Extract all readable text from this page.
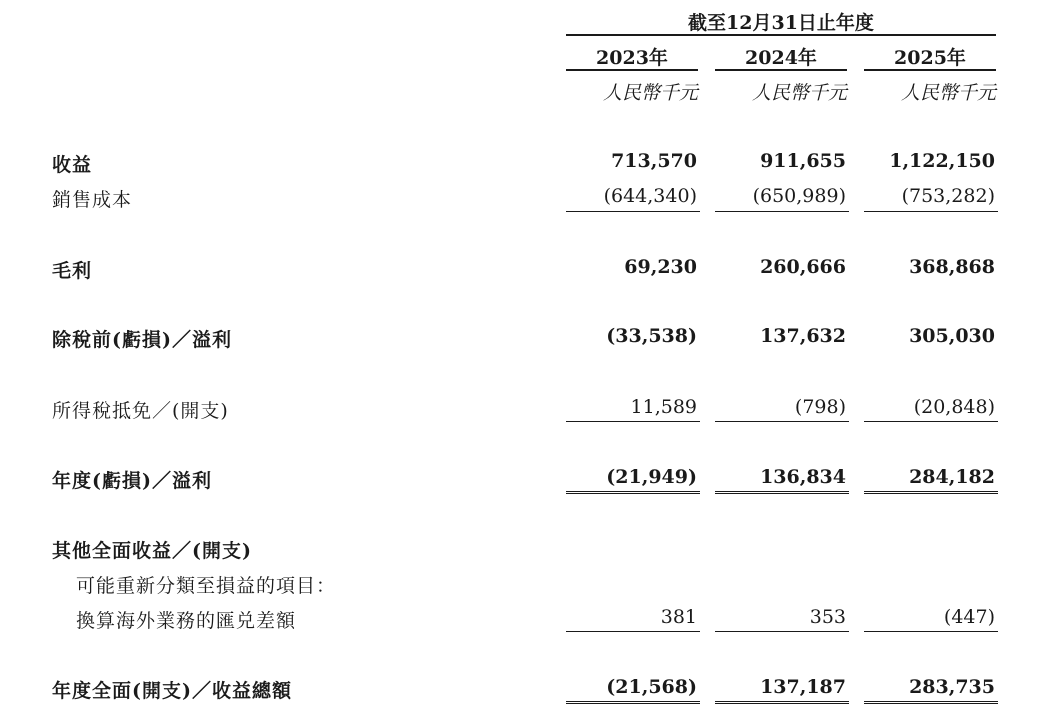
截至12月31日止年度
2023年	2024年	2025年
人民幣千元	人民幣千元	人民幣千元
收益	713,570	911,655	1,122,150
銷售成本	(644,340)	(650,989)	(753,282)
毛利	69,230	260,666	368,868
除稅前(虧損)／溢利	(33,538)	137,632	305,030
所得稅抵免／(開支)	11,589	(798)	(20,848)
年度(虧損)／溢利	(21,949)	136,834	284,182
其他全面收益／(開支)
可能重新分類至損益的項目：
換算海外業務的匯兑差額	381	353	(447)
年度全面(開支)／收益總額	(21,568)	137,187	283,735
